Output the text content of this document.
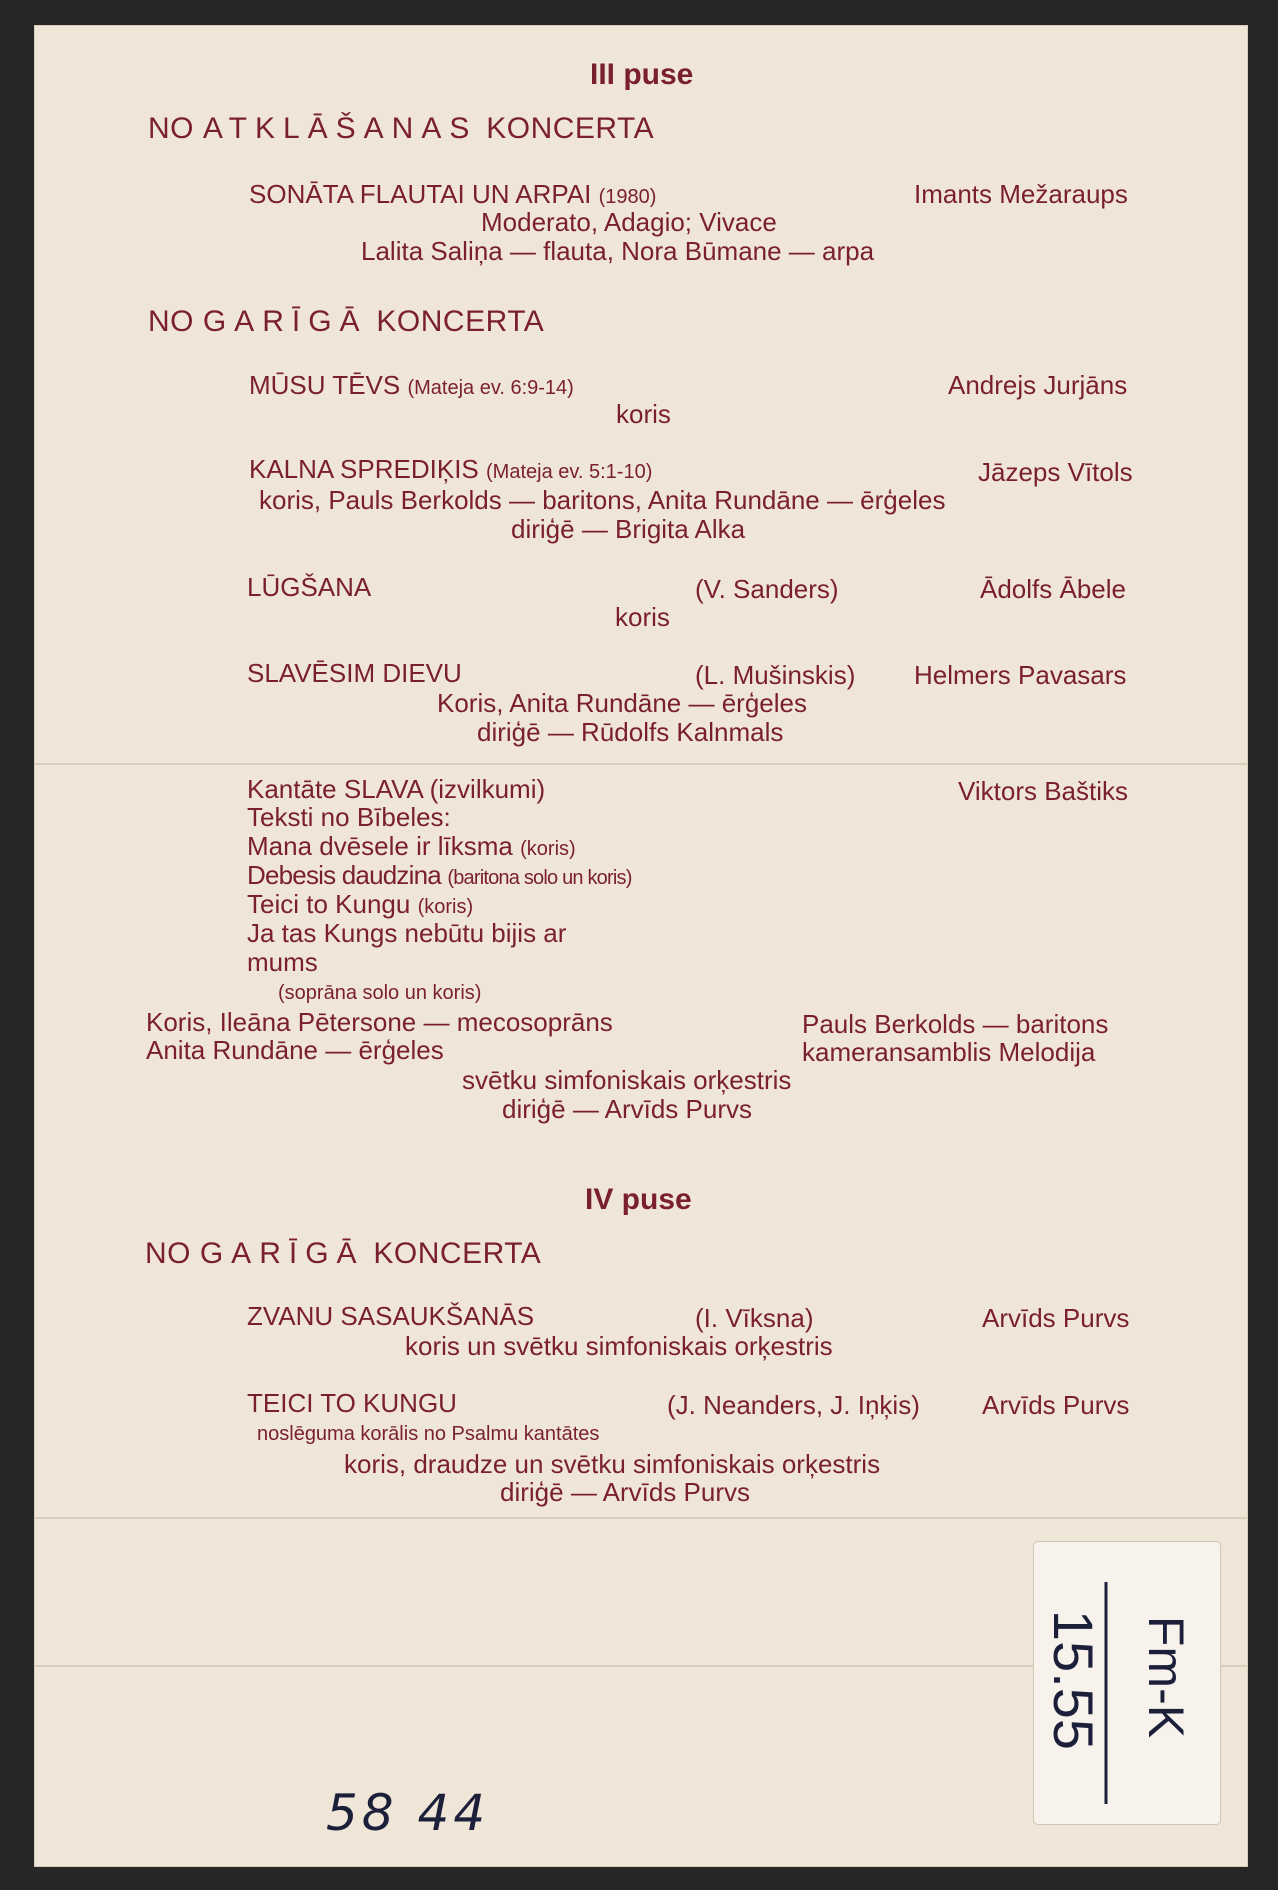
III puse
NO ATKLĀŠANAS KONCERTA
SONĀTA FLAUTAI UN ARPAI (1980)	Imants Mežaraups
Moderato, Adagio; Vivace
Lalita Saliņa — flauta, Nora Būmane — arpa
NO GARĪGĀ KONCERTA
MŪSU TĒVS (Mateja ev. 6:9-14)	Andrejs Jurjāns
koris
KALNA SPREDIĶIS (Mateja ev. 5:1-10)	Jāzeps Vītols
koris, Pauls Berkolds — baritons, Anita Rundāne — ērģeles
diriģē — Brigita Alka
LŪGŠANA	(V. Sanders)	Ādolfs Ābele
koris
SLAVĒSIM DIEVU	(L. Mušinskis) Helmers Pavasars
Koris, Anita Rundāne — ērģeles
diriģē — Rūdolfs Kalnmals
Kantāte SLAVA (izvilkumi)	Viktors Baštiks
Teksti no Bībeles:
Mana dvēsele ir līksma (koris)
Debesis daudzina (baritona solo un koris)
Teici to Kungu (koris)
Ja tas Kungs nebūtu bijis ar
mums
(soprāna solo un koris)
Koris, Ileāna Pētersone — mecosoprāns
Anita Rundāne — ērģeles
Pauls Berkolds — baritons
kameransamblis Melodija
svētku simfoniskais orķestris
diriģē — Arvīds Purvs
IV puse
NO GARĪGĀ KONCERTA
ZVANU SASAUKŠANĀS	(I. Vīksna)	Arvīds Purvs
koris un svētku simfoniskais orķestris
TEICI TO KUNGU	(J. Neanders, J. Iņķis) Arvīds Purvs
noslēguma korālis no Psalmu kantātes
koris, draudze un svētku simfoniskais orķestris
diriģē — Arvīds Purvs
Fm-K
15.55
58 44
